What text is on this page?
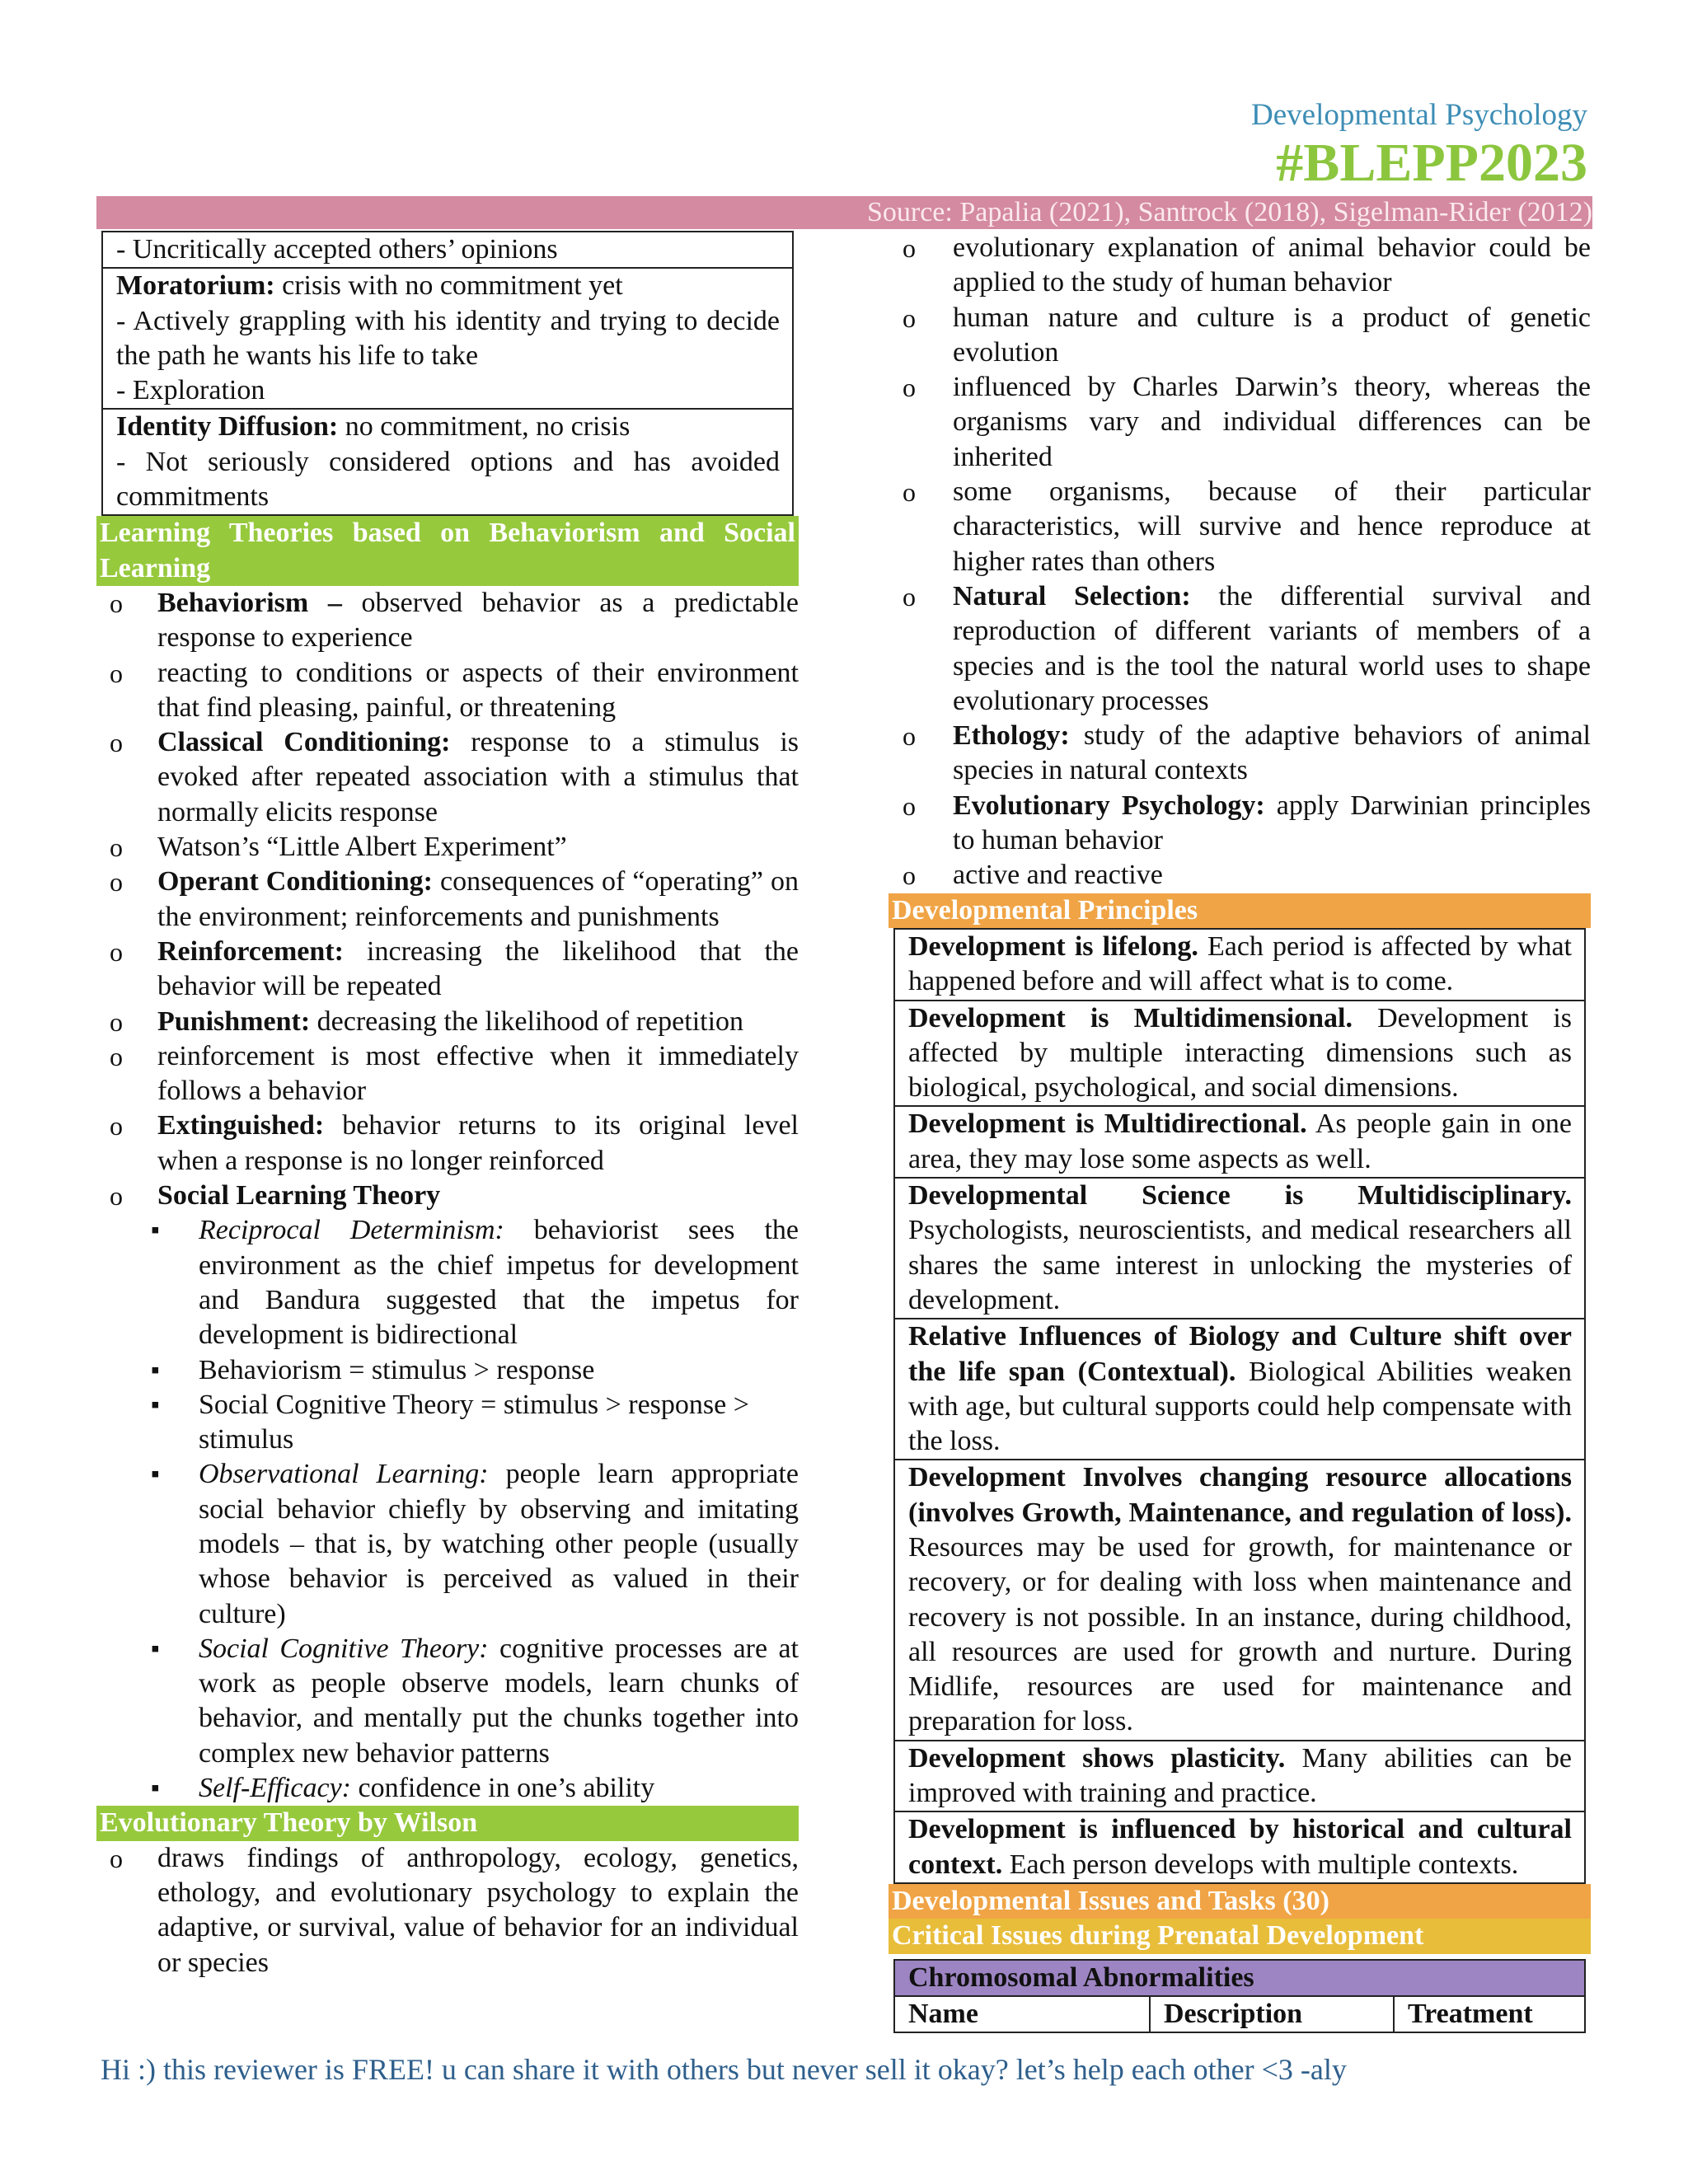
Developmental Psychology
#BLEPP2023
Source: Papalia (2021), Santrock (2018), Sigelman-Rider (2012)
- Uncritically accepted others’ opinions
Moratorium: crisis with no commitment yet
- Actively grappling with his identity and trying to decide the path he wants his life to take
- Exploration
Identity Diffusion: no commitment, no crisis
- Not seriously considered options and has avoided commitments
Learning Theories based on Behaviorism and Social Learning
o Behaviorism – observed behavior as a predictable response to experience
o reacting to conditions or aspects of their environment that find pleasing, painful, or threatening
o Classical Conditioning: response to a stimulus is evoked after repeated association with a stimulus that normally elicits response
o Watson’s “Little Albert Experiment”
o Operant Conditioning: consequences of “operating” on the environment; reinforcements and punishments
o Reinforcement: increasing the likelihood that the behavior will be repeated
o Punishment: decreasing the likelihood of repetition
o reinforcement is most effective when it immediately follows a behavior
o Extinguished: behavior returns to its original level when a response is no longer reinforced
o Social Learning Theory
▪ Reciprocal Determinism: behaviorist sees the environment as the chief impetus for development and Bandura suggested that the impetus for development is bidirectional
▪ Behaviorism = stimulus > response
▪ Social Cognitive Theory = stimulus > response > stimulus
▪ Observational Learning: people learn appropriate social behavior chiefly by observing and imitating models – that is, by watching other people (usually whose behavior is perceived as valued in their culture)
▪ Social Cognitive Theory: cognitive processes are at work as people observe models, learn chunks of behavior, and mentally put the chunks together into complex new behavior patterns
▪ Self-Efficacy: confidence in one’s ability
Evolutionary Theory by Wilson
o draws findings of anthropology, ecology, genetics, ethology, and evolutionary psychology to explain the adaptive, or survival, value of behavior for an individual or species
o evolutionary explanation of animal behavior could be applied to the study of human behavior
o human nature and culture is a product of genetic evolution
o influenced by Charles Darwin’s theory, whereas the organisms vary and individual differences can be inherited
o some organisms, because of their particular characteristics, will survive and hence reproduce at higher rates than others
o Natural Selection: the differential survival and reproduction of different variants of members of a species and is the tool the natural world uses to shape evolutionary processes
o Ethology: study of the adaptive behaviors of animal species in natural contexts
o Evolutionary Psychology: apply Darwinian principles to human behavior
o active and reactive
Developmental Principles
Development is lifelong. Each period is affected by what happened before and will affect what is to come.
Development is Multidimensional. Development is affected by multiple interacting dimensions such as biological, psychological, and social dimensions.
Development is Multidirectional. As people gain in one area, they may lose some aspects as well.
Developmental Science is Multidisciplinary. Psychologists, neuroscientists, and medical researchers all shares the same interest in unlocking the mysteries of development.
Relative Influences of Biology and Culture shift over the life span (Contextual). Biological Abilities weaken with age, but cultural supports could help compensate with the loss.
Development Involves changing resource allocations (involves Growth, Maintenance, and regulation of loss). Resources may be used for growth, for maintenance or recovery, or for dealing with loss when maintenance and recovery is not possible. In an instance, during childhood, all resources are used for growth and nurture. During Midlife, resources are used for maintenance and preparation for loss.
Development shows plasticity. Many abilities can be improved with training and practice.
Development is influenced by historical and cultural context. Each person develops with multiple contexts.
Developmental Issues and Tasks (30)
Critical Issues during Prenatal Development
Chromosomal Abnormalities
Name	Description	Treatment
Hi :) this reviewer is FREE! u can share it with others but never sell it okay? let’s help each other <3 -aly
